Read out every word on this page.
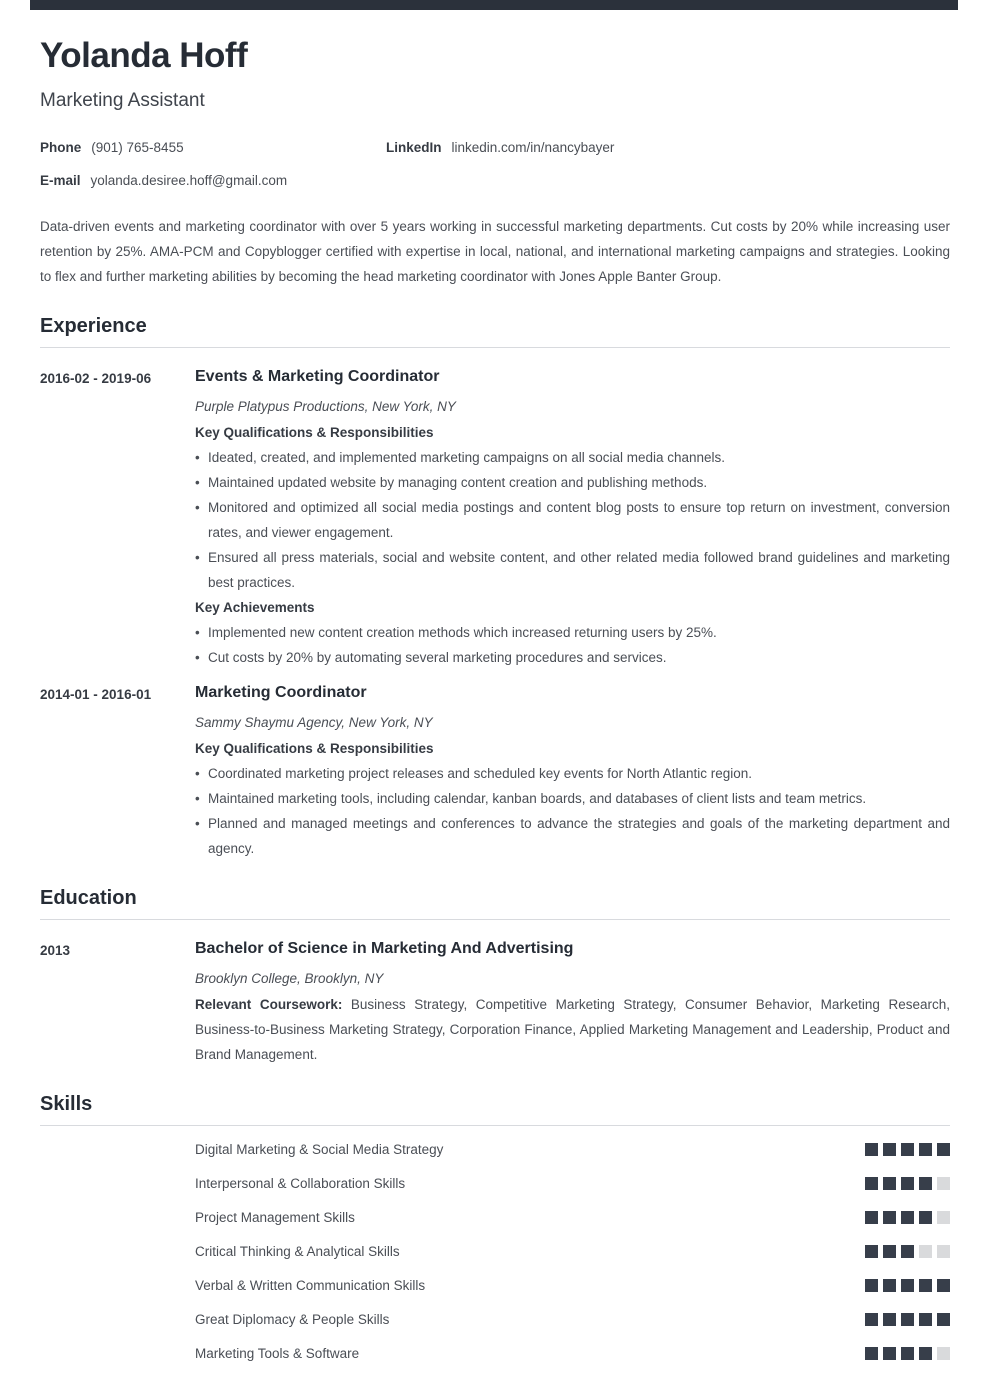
Yolanda Hoff
Marketing Assistant
Phone (901) 765-8455	LinkedIn linkedin.com/in/nancybayer
E-mail yolanda.desiree.hoff@gmail.com
Data-driven events and marketing coordinator with over 5 years working in successful marketing departments. Cut costs by 20% while increasing user retention by 25%. AMA-PCM and Copyblogger certified with expertise in local, national, and international marketing campaigns and strategies. Looking to flex and further marketing abilities by becoming the head marketing coordinator with Jones Apple Banter Group.
Experience
2016-02 - 2019-06	Events & Marketing Coordinator
Purple Platypus Productions, New York, NY
Key Qualifications & Responsibilities
• Ideated, created, and implemented marketing campaigns on all social media channels.
• Maintained updated website by managing content creation and publishing methods.
• Monitored and optimized all social media postings and content blog posts to ensure top return on investment, conversion rates, and viewer engagement.
• Ensured all press materials, social and website content, and other related media followed brand guidelines and marketing best practices.
Key Achievements
• Implemented new content creation methods which increased returning users by 25%.
• Cut costs by 20% by automating several marketing procedures and services.
2014-01 - 2016-01	Marketing Coordinator
Sammy Shaymu Agency, New York, NY
Key Qualifications & Responsibilities
• Coordinated marketing project releases and scheduled key events for North Atlantic region.
• Maintained marketing tools, including calendar, kanban boards, and databases of client lists and team metrics.
• Planned and managed meetings and conferences to advance the strategies and goals of the marketing department and agency.
Education
2013	Bachelor of Science in Marketing And Advertising
Brooklyn College, Brooklyn, NY
Relevant Coursework: Business Strategy, Competitive Marketing Strategy, Consumer Behavior, Marketing Research, Business-to-Business Marketing Strategy, Corporation Finance, Applied Marketing Management and Leadership, Product and Brand Management.
Skills
Digital Marketing & Social Media Strategy
Interpersonal & Collaboration Skills
Project Management Skills
Critical Thinking & Analytical Skills
Verbal & Written Communication Skills
Great Diplomacy & People Skills
Marketing Tools & Software
